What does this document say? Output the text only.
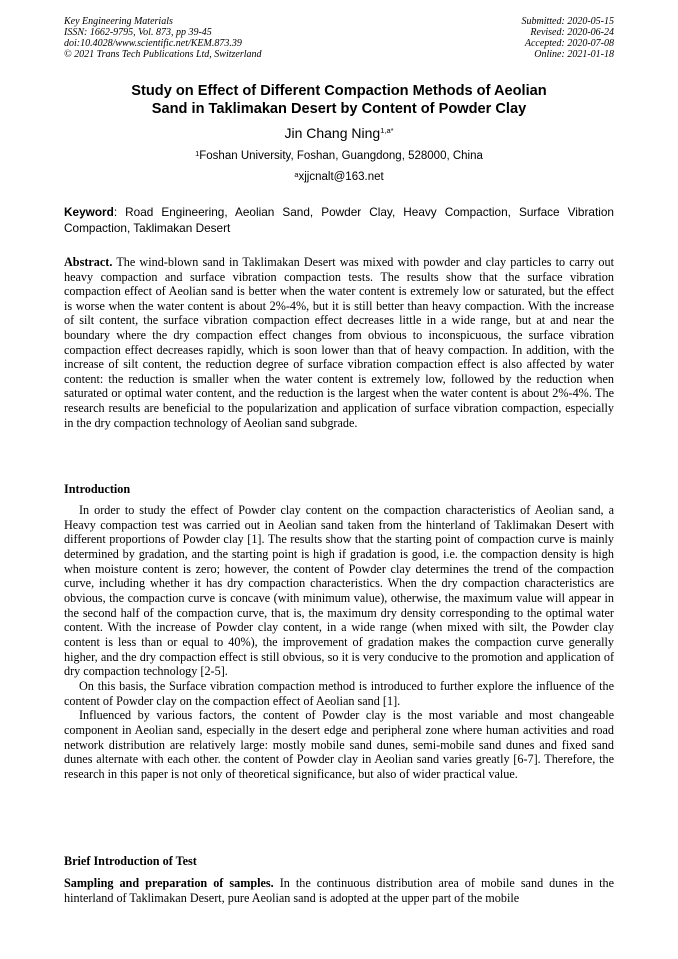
Key Engineering Materials
ISSN: 1662-9795, Vol. 873, pp 39-45
doi:10.4028/www.scientific.net/KEM.873.39
© 2021 Trans Tech Publications Ltd, Switzerland
Submitted: 2020-05-15
Revised: 2020-06-24
Accepted: 2020-07-08
Online: 2021-01-18
Study on Effect of Different Compaction Methods of Aeolian
Sand in Taklimakan Desert by Content of Powder Clay
Jin Chang Ning$^{1,a*}$
$^1$Foshan University, Foshan, Guangdong, 528000, China
$^a$xjjcnalt@163.net
Keyword: Road Engineering, Aeolian Sand, Powder Clay, Heavy Compaction, Surface Vibration Compaction, Taklimakan Desert
Abstract. The wind-blown sand in Taklimakan Desert was mixed with powder and clay particles to carry out heavy compaction and surface vibration compaction tests. The results show that the surface vibration compaction effect of Aeolian sand is better when the water content is extremely low or saturated, but the effect is worse when the water content is about 2%-4%, but it is still better than heavy compaction. With the increase of silt content, the surface vibration compaction effect decreases little in a wide range, but at and near the boundary where the dry compaction effect changes from obvious to inconspicuous, the surface vibration compaction effect decreases rapidly, which is soon lower than that of heavy compaction. In addition, with the increase of silt content, the reduction degree of surface vibration compaction effect is also affected by water content: the reduction is smaller when the water content is extremely low, followed by the reduction when saturated or optimal water content, and the reduction is the largest when the water content is about 2%-4%. The research results are beneficial to the popularization and application of surface vibration compaction, especially in the dry compaction technology of Aeolian sand subgrade.
Introduction

In order to study the effect of Powder clay content on the compaction characteristics of Aeolian sand, a Heavy compaction test was carried out in Aeolian sand taken from the hinterland of Taklimakan Desert with different proportions of Powder clay [1]. The results show that the starting point of compaction curve is mainly determined by gradation, and the starting point is high if gradation is good, i.e. the compaction density is high when moisture content is zero; however, the content of Powder clay determines the trend of the compaction curve, including whether it has dry compaction characteristics. When the dry compaction characteristics are obvious, the compaction curve is concave (with minimum value), otherwise, the maximum value will appear in the second half of the compaction curve, that is, the maximum dry density corresponding to the optimal water content. With the increase of Powder clay content, in a wide range (when mixed with silt, the Powder clay content is less than or equal to 40%), the improvement of gradation makes the compaction curve generally higher, and the dry compaction effect is still obvious, so it is very conducive to the promotion and application of dry compaction technology [2-5].

On this basis, the Surface vibration compaction method is introduced to further explore the influence of the content of Powder clay on the compaction effect of Aeolian sand [1].

Influenced by various factors, the content of Powder clay is the most variable and most changeable component in Aeolian sand, especially in the desert edge and peripheral zone where human activities and road network distribution are relatively large: mostly mobile sand dunes, semi-mobile sand dunes and fixed sand dunes alternate with each other. the content of Powder clay in Aeolian sand varies greatly [6-7]. Therefore, the research in this paper is not only of theoretical significance, but also of wider practical value.

Brief Introduction of Test
Sampling and preparation of samples. In the continuous distribution area of mobile sand dunes in the hinterland of Taklimakan Desert, pure Aeolian sand is adopted at the upper part of the mobile
